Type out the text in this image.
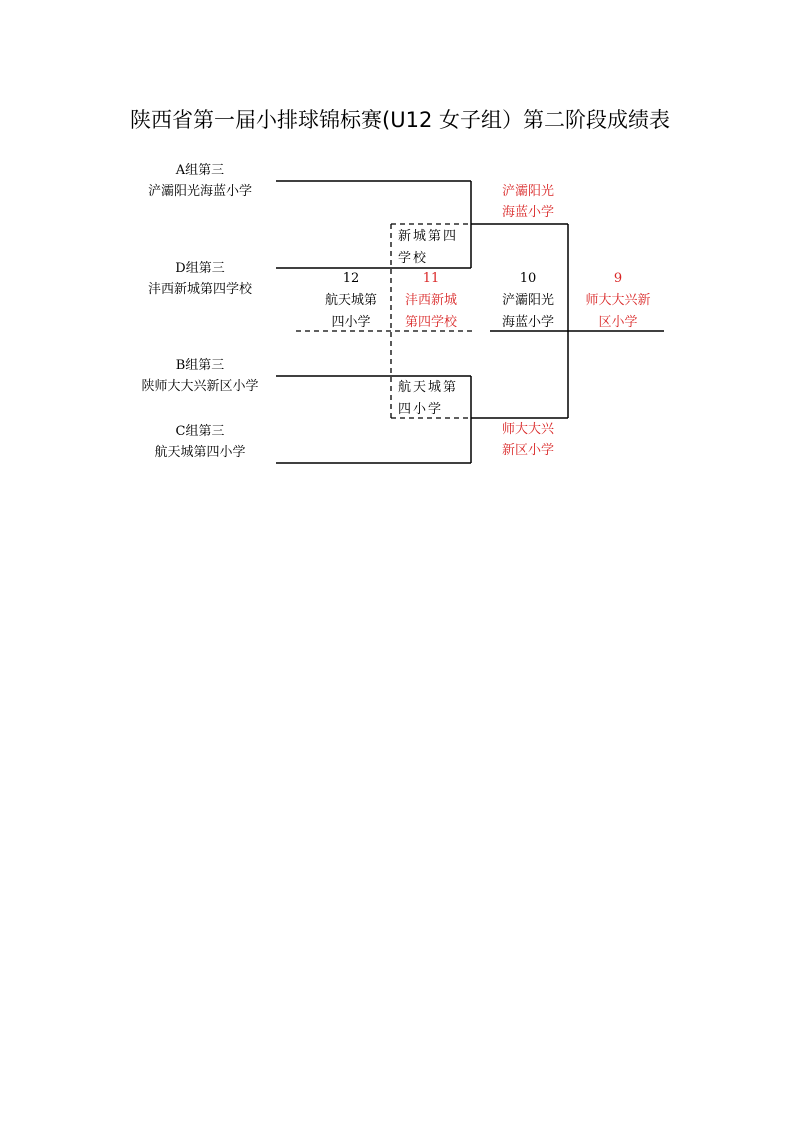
陕西省第一届小排球锦标赛(U12 女子组）第二阶段成绩表
A组第三
浐灞阳光海蓝小学
D组第三
沣西新城第四学校
B组第三
陕师大大兴新区小学
C组第三
航天城第四小学
浐灞阳光
海蓝小学
师大大兴
新区小学
新城第四
学校
航天城第
四小学
12
航天城第
四小学
11
沣西新城
第四学校
10
浐灞阳光
海蓝小学
9
师大大兴新
区小学
